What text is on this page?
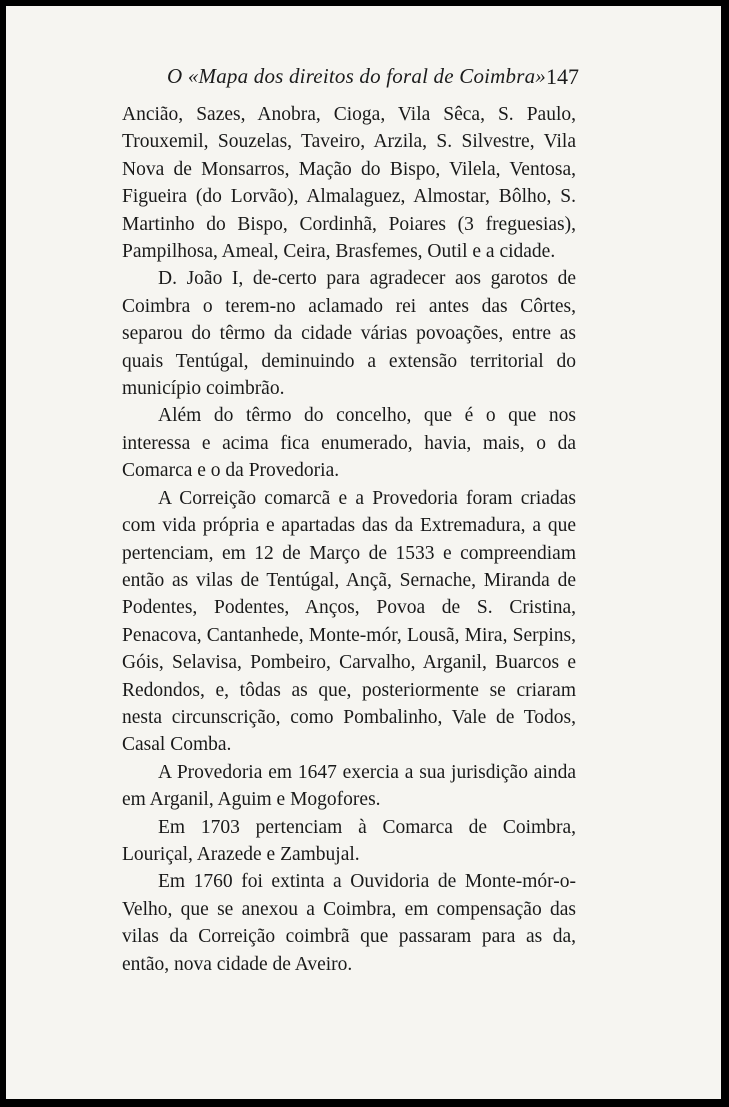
O «Mapa dos direitos do foral de Coimbra» 147

Ancião, Sazes, Anobra, Cioga, Vila Sêca, S. Paulo, Trouxemil, Souzelas, Taveiro, Arzila, S. Silvestre, Vila Nova de Monsarros, Mação do Bispo, Vilela, Ventosa, Figueira (do Lorvão), Almalaguez, Almostar, Bôlho, S. Martinho do Bispo, Cordinhã, Poiares (3 freguesias), Pampilhosa, Ameal, Ceira, Brasfemes, Outil e a cidade.

D. João I, de-certo para agradecer aos garotos de Coimbra o terem-no aclamado rei antes das Côrtes, separou do têrmo da cidade várias povoações, entre as quais Tentúgal, deminuindo a extensão territorial do município coimbrão.

Além do têrmo do concelho, que é o que nos interessa e acima fica enumerado, havia, mais, o da Comarca e o da Provedoria.

A Correição comarcã e a Provedoria foram criadas com vida própria e apartadas das da Extremadura, a que pertenciam, em 12 de Março de 1533 e compreendiam então as vilas de Tentúgal, Ançã, Sernache, Miranda de Podentes, Podentes, Anços, Povoa de S. Cristina, Penacova, Cantanhede, Monte-mór, Lousã, Mira, Serpins, Góis, Selavisa, Pombeiro, Carvalho, Arganil, Buarcos e Redondos, e, tôdas as que, posteriormente se criaram nesta circunscrição, como Pombalinho, Vale de Todos, Casal Comba.

A Provedoria em 1647 exercia a sua jurisdição ainda em Arganil, Aguim e Mogofores.

Em 1703 pertenciam à Comarca de Coimbra, Louriçal, Arazede e Zambujal.

Em 1760 foi extinta a Ouvidoria de Monte-mór-o-Velho, que se anexou a Coimbra, em compensação das vilas da Correição coimbrã que passaram para as da, então, nova cidade de Aveiro.
